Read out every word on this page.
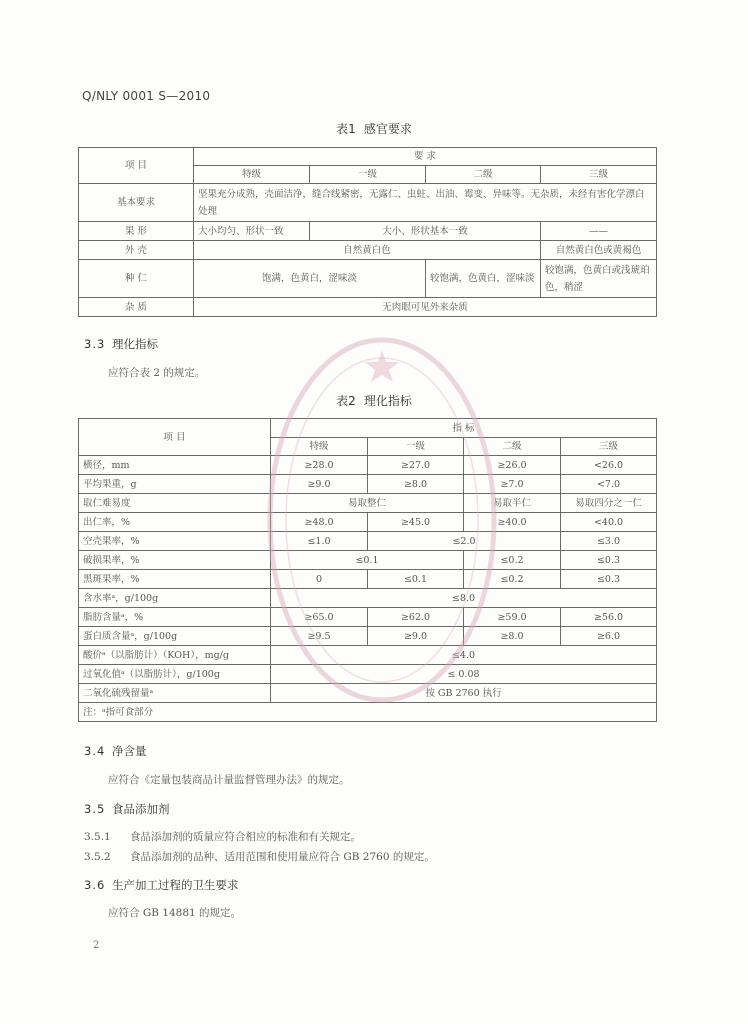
Q/NLY 0001 S—2010
表1 感官要求
项 目	要 求			
	特级	一级	二级	三级
基本要求	坚果充分成熟，壳面洁净，缝合线紧密，无露仁、虫蛀、出油、霉变、异味等。无杂质，未经有害化学漂白处理			
果 形	大小均匀、形状一致	大小、形状基本一致		——
外 壳	自然黄白色			自然黄白色或黄褐色
种 仁	饱满，色黄白，涩味淡		较饱满，色黄白，涩味淡	较饱满，色黄白或浅琥珀色，稍涩
杂 质	无肉眼可见外来杂质			
3.3 理化指标
应符合表 2 的规定。
表2 理化指标
项 目	指 标			
	特级	一级	二级	三级
横径，mm	≥28.0	≥27.0	≥26.0	<26.0
平均果重，g	≥9.0	≥8.0	≥7.0	<7.0
取仁难易度	易取整仁		易取半仁	易取四分之一仁
出仁率，%	≥48.0	≥45.0	≥40.0	<40.0
空壳果率，%	≤1.0	≤2.0		≤3.0
破损果率，%	≤0.1		≤0.2	≤0.3
黑斑果率，%	0	≤0.1	≤0.2	≤0.3
含水率ᵃ，g/100g	≤8.0			
脂肪含量ᵃ，%	≥65.0	≥62.0	≥59.0	≥56.0
蛋白质含量ᵃ，g/100g	≥9.5	≥9.0	≥8.0	≥6.0
酸价ᵃ（以脂肪计）（KOH），mg/g	≤4.0			
过氧化值ᵃ（以脂肪计），g/100g	≤ 0.08			
二氧化硫残留量ᵃ	按 GB 2760 执行			
注：ᵃ指可食部分				
3.4 净含量
应符合《定量包装商品计量监督管理办法》的规定。
3.5 食品添加剂
3.5.1 食品添加剂的质量应符合相应的标准和有关规定。
3.5.2 食品添加剂的品种、适用范围和使用量应符合 GB 2760 的规定。
3.6 生产加工过程的卫生要求
应符合 GB 14881 的规定。
2
